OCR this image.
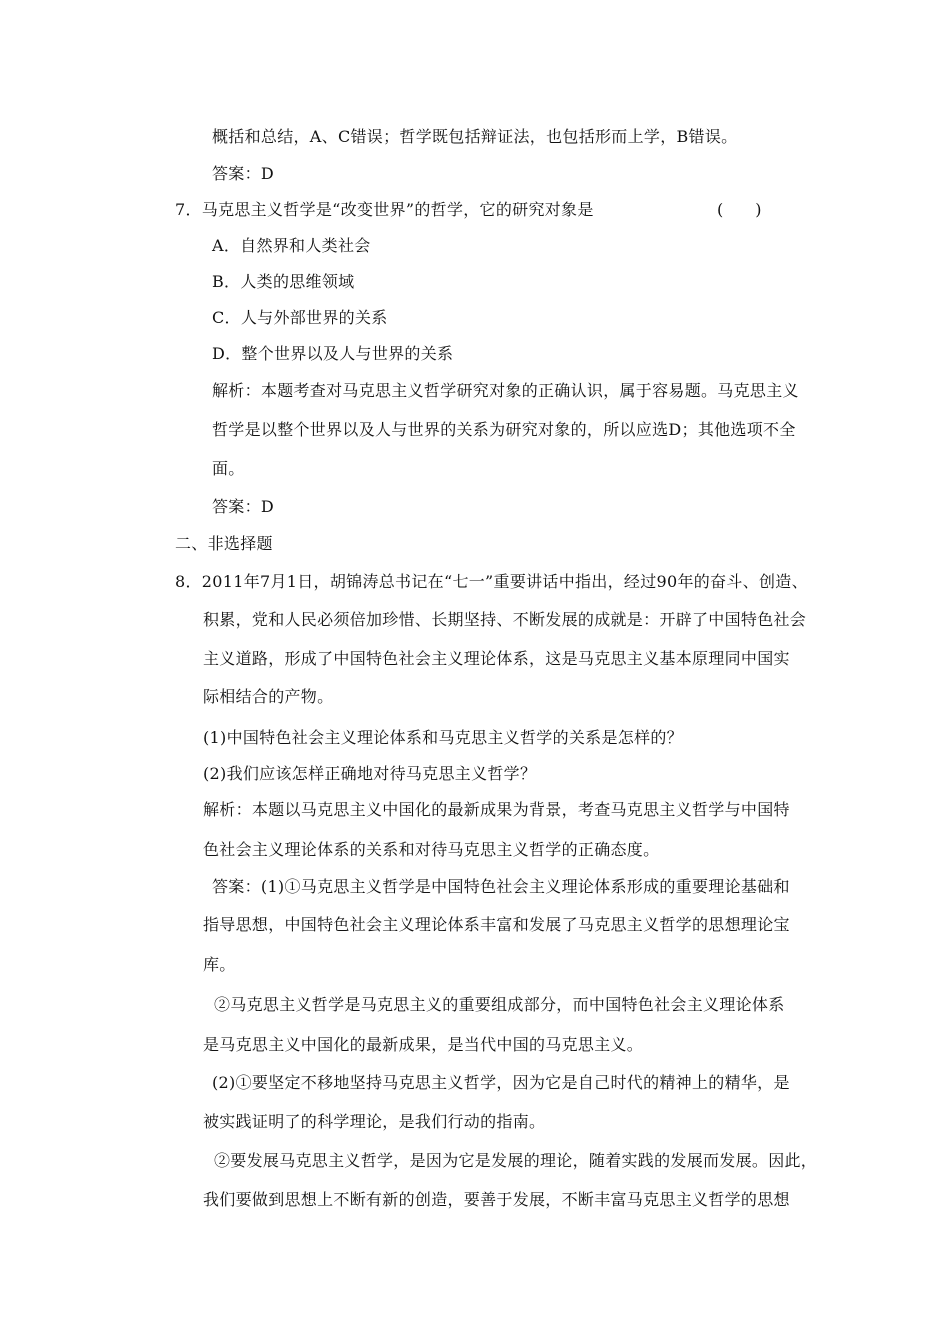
概括和总结，A、C错误；哲学既包括辩证法，也包括形而上学，B错误。
答案：D
7．马克思主义哲学是“改变世界”的哲学，它的研究对象是	(　　)
A．自然界和人类社会
B．人类的思维领域
C．人与外部世界的关系
D．整个世界以及人与世界的关系
解析：本题考查对马克思主义哲学研究对象的正确认识，属于容易题。马克思主义
哲学是以整个世界以及人与世界的关系为研究对象的，所以应选D；其他选项不全
面。
答案：D
二、非选择题
8．2011年7月1日，胡锦涛总书记在“七一”重要讲话中指出，经过90年的奋斗、创造、
积累，党和人民必须倍加珍惜、长期坚持、不断发展的成就是：开辟了中国特色社会
主义道路，形成了中国特色社会主义理论体系，这是马克思主义基本原理同中国实
际相结合的产物。
(1)中国特色社会主义理论体系和马克思主义哲学的关系是怎样的？
(2)我们应该怎样正确地对待马克思主义哲学？
解析：本题以马克思主义中国化的最新成果为背景，考查马克思主义哲学与中国特
色社会主义理论体系的关系和对待马克思主义哲学的正确态度。
答案：(1)①马克思主义哲学是中国特色社会主义理论体系形成的重要理论基础和
指导思想，中国特色社会主义理论体系丰富和发展了马克思主义哲学的思想理论宝
库。
②马克思主义哲学是马克思主义的重要组成部分，而中国特色社会主义理论体系
是马克思主义中国化的最新成果，是当代中国的马克思主义。
(2)①要坚定不移地坚持马克思主义哲学，因为它是自己时代的精神上的精华，是
被实践证明了的科学理论，是我们行动的指南。
②要发展马克思主义哲学，是因为它是发展的理论，随着实践的发展而发展。因此，
我们要做到思想上不断有新的创造，要善于发展，不断丰富马克思主义哲学的思想
